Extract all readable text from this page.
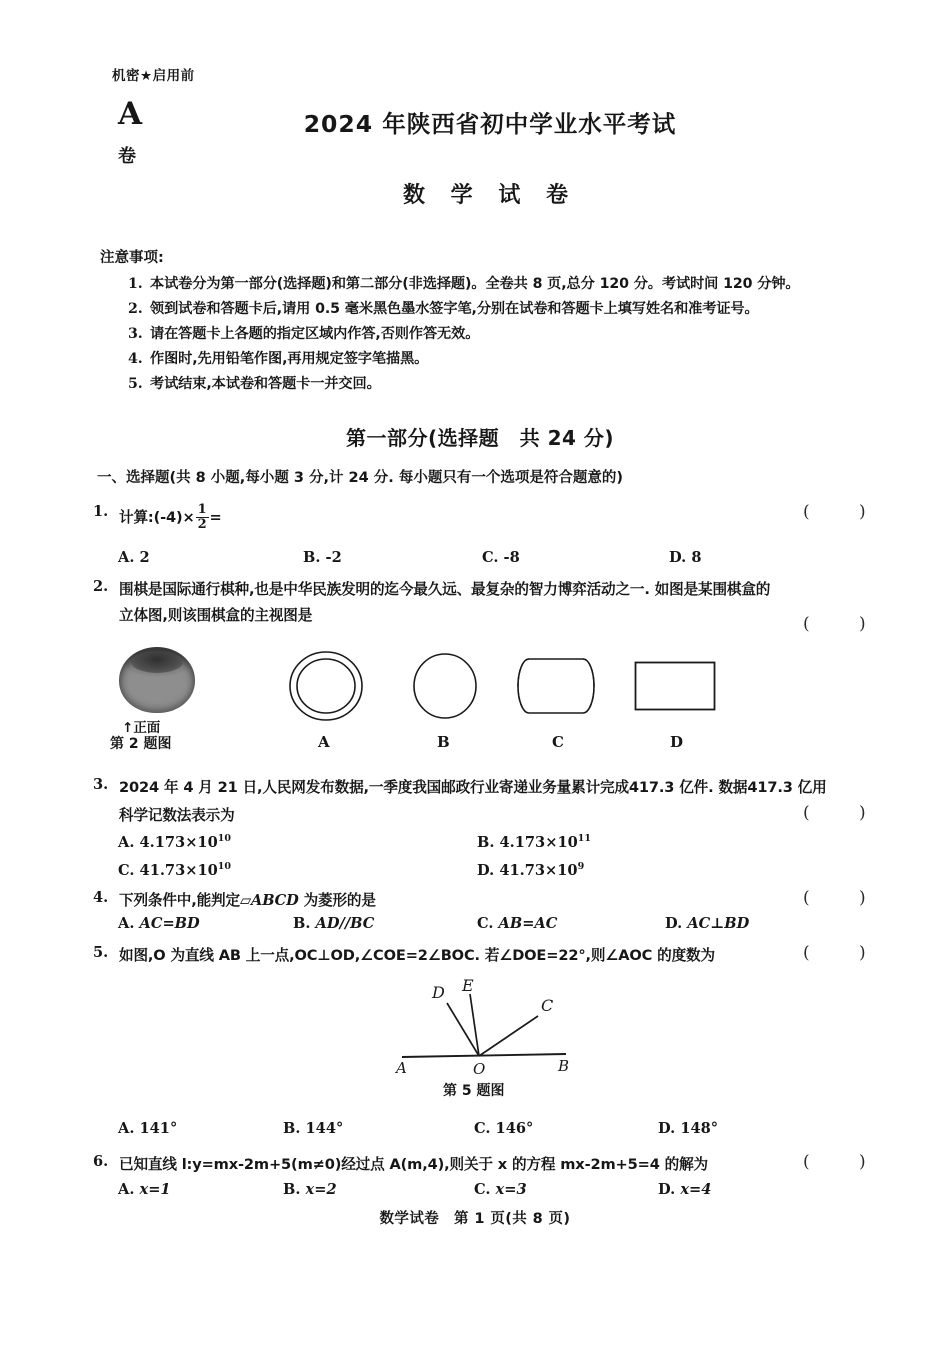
机密★启用前
A
卷
2024 年陕西省初中学业水平考试
数 学 试 卷
注意事项:
1. 本试卷分为第一部分(选择题)和第二部分(非选择题)。全卷共 8 页,总分 120 分。考试时间 120 分钟。
2. 领到试卷和答题卡后,请用 0.5 毫米黑色墨水签字笔,分别在试卷和答题卡上填写姓名和准考证号。
3. 请在答题卡上各题的指定区域内作答,否则作答无效。
4. 作图时,先用铅笔作图,再用规定签字笔描黑。
5. 考试结束,本试卷和答题卡一并交回。
第一部分(选择题　共 24 分)
一、选择题(共 8 小题,每小题 3 分,计 24 分. 每小题只有一个选项是符合题意的)
1. 计算:(-4)× $\frac{1}{2}$ =	( )
A. 2	B. -2	C. -8	D. 8
2. 围棋是国际通行棋种,也是中华民族发明的迄今最久远、最复杂的智力博弈活动之一. 如图是某围棋盒的
立体图,则该围棋盒的主视图是	( )
↑正面
第 2 题图	A	B	C	D
3. 2024 年 4 月 21 日,人民网发布数据,一季度我国邮政行业寄递业务量累计完成417.3 亿件. 数据417.3 亿用
科学记数法表示为	( )
A. $4.173\times 10^{10}$	B. $4.173\times 10^{11}$
C. $41.73\times 10^{10}$	D. $41.73\times 10^9$
4. 下列条件中,能判定▱ABCD 为菱形的是	( )
A. AC=BD	B. AD//BC	C. AB=AC	D. AC⊥BD
5. 如图,O 为直线 AB 上一点,OC⊥OD,∠COE=2∠BOC. 若∠DOE=22°,则∠AOC 的度数为	( )
D E
C
A	O	B
第 5 题图
A. 141°	B. 144°	C. 146°	D. 148°
6. 已知直线 l:y=mx-2m+5(m≠0)经过点 A(m,4),则关于 x 的方程 mx-2m+5=4 的解为	( )
A. x=1	B. x=2	C. x=3	D. x=4
数学试卷　第 1 页(共 8 页)
